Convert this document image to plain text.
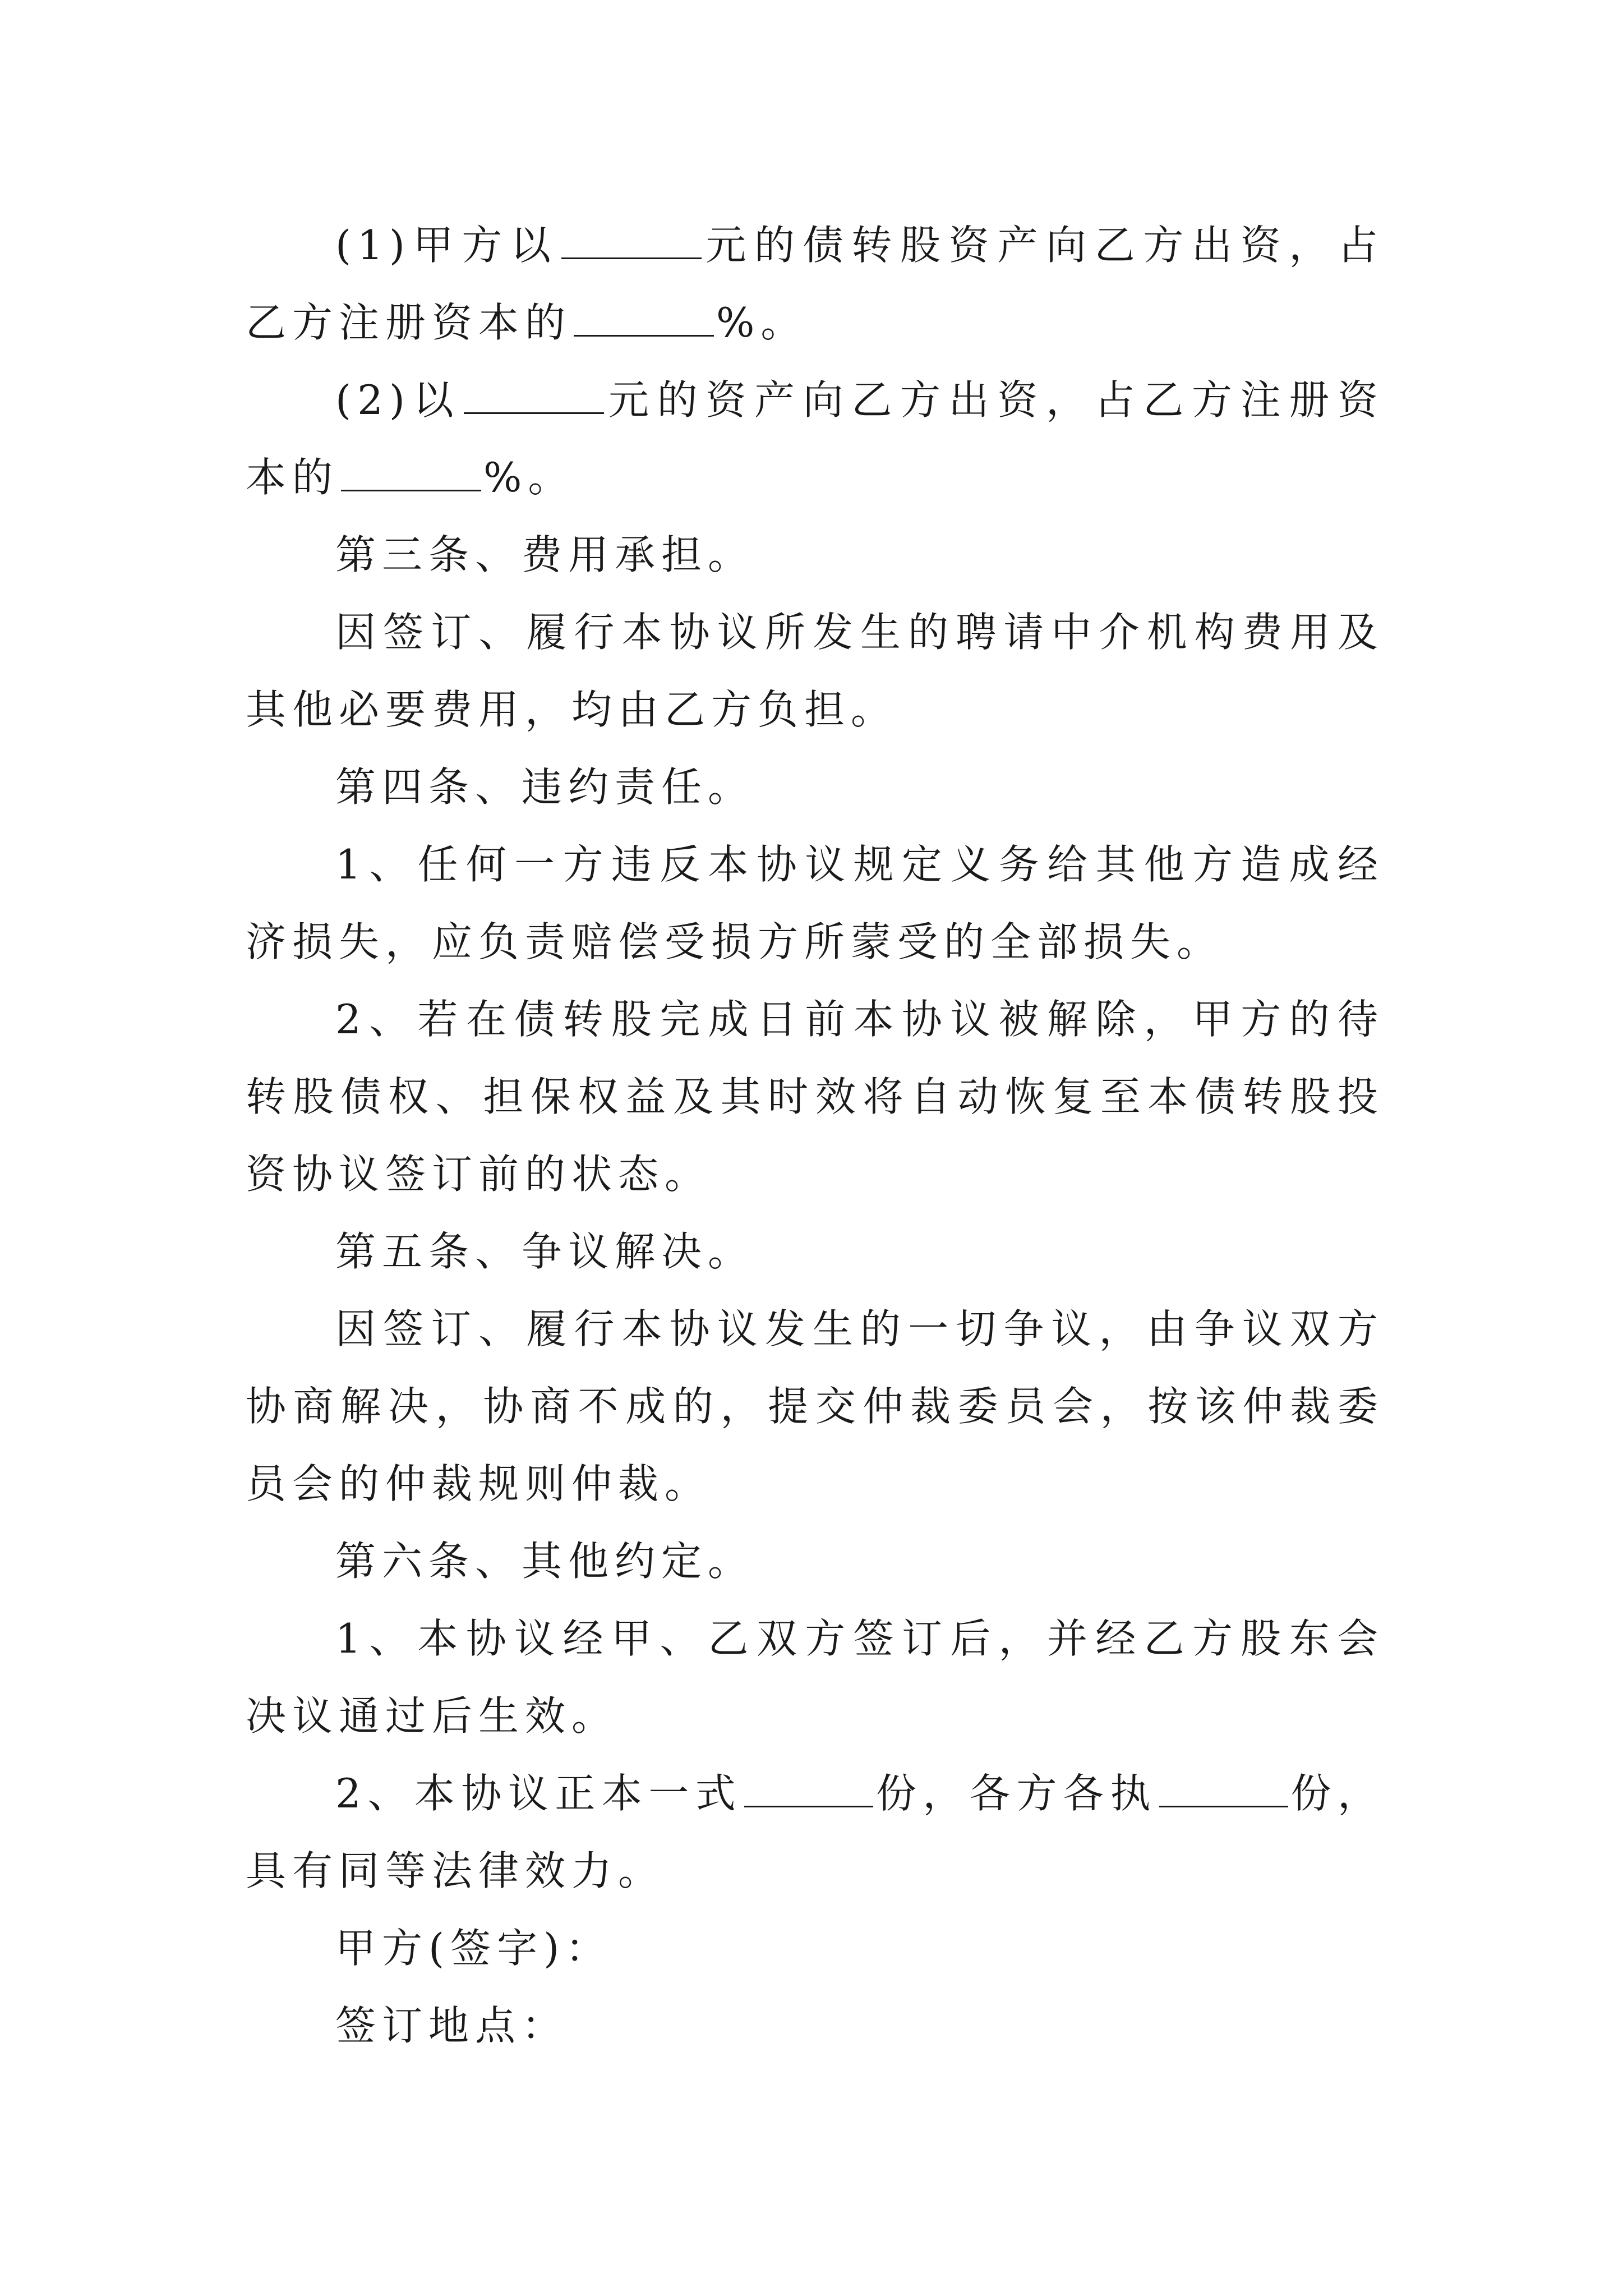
(1)甲方以	元的债转股资产向乙方出资，占乙方注册资本的	%。

(2)以	元的资产向乙方出资，占乙方注册资本的	%。

第三条、费用承担。

因签订、履行本协议所发生的聘请中介机构费用及其他必要费用，均由乙方负担。

第四条、违约责任。

1、任何一方违反本协议规定义务给其他方造成经济损失，应负责赔偿受损方所蒙受的全部损失。

2、若在债转股完成日前本协议被解除，甲方的待转股债权、担保权益及其时效将自动恢复至本债转股投资协议签订前的状态。

第五条、争议解决。

因签订、履行本协议发生的一切争议，由争议双方协商解决，协商不成的，提交仲裁委员会，按该仲裁委员会的仲裁规则仲裁。

第六条、其他约定。

1、本协议经甲、乙双方签订后，并经乙方股东会决议通过后生效。

2、本协议正本一式	份，各方各执	份，具有同等法律效力。

甲方(签字)：

签订地点：
